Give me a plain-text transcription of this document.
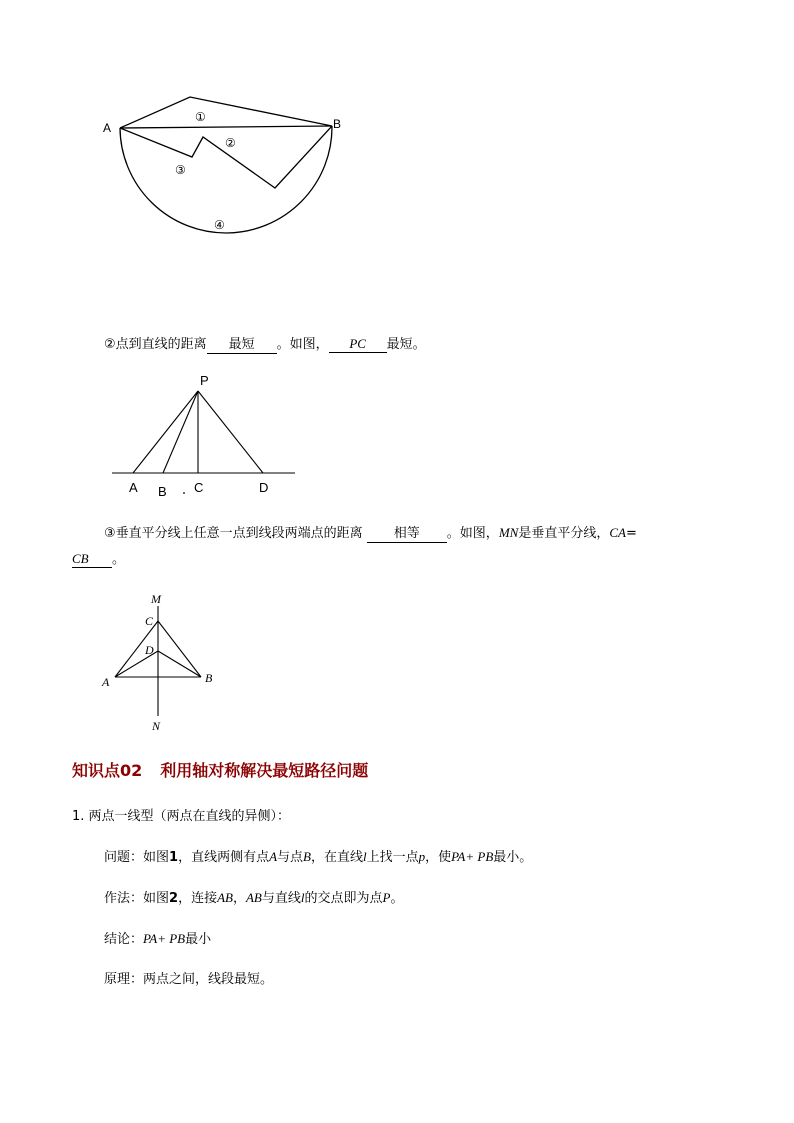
A	B
①
②
③
④
②点到直线的距离 最短 。如图， PC 最短。
P
A B C	D
③垂直平分线上任意一点到线段两端点的距离 相等 。如图，MN是垂直平分线，CA=
CB 。
M
C
D
A	B
N
知识点02 利用轴对称解决最短路径问题
1. 两点一线型（两点在直线的异侧）：
问题：如图1，直线两侧有点A与点B，在直线l上找一点p，使PA+ PB最小。
作法：如图2，连接AB，AB与直线l的交点即为点P。
结论：PA+ PB最小
原理：两点之间，线段最短。
